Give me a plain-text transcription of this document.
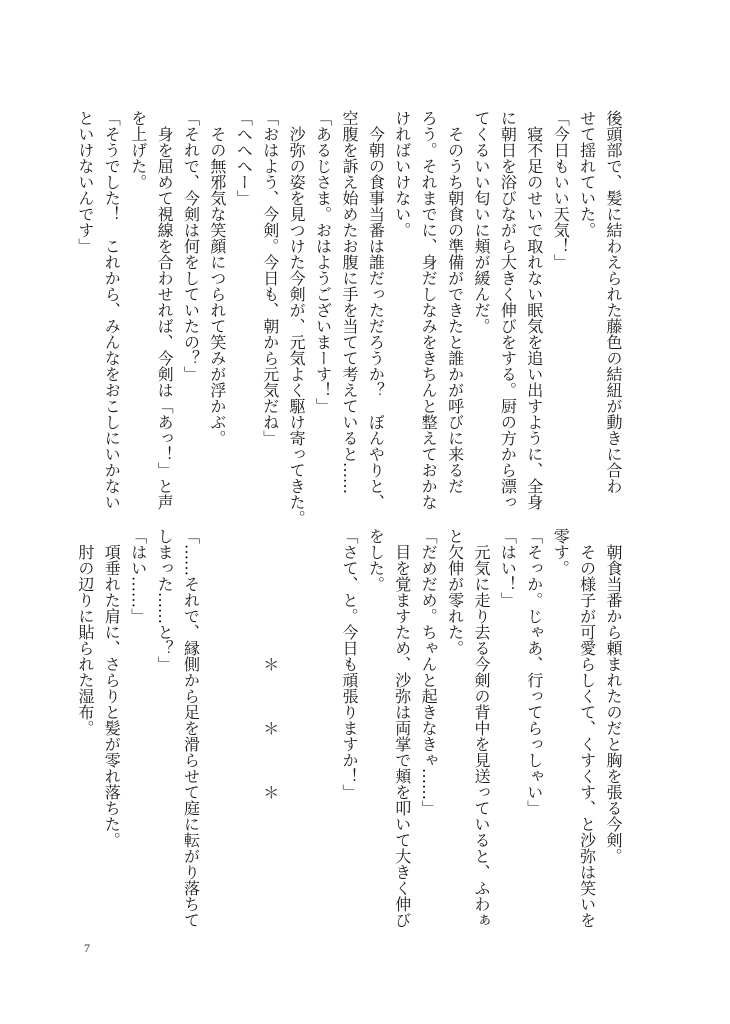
後頭部で、髪に結わえられた藤色の結紐が動きに合わ
せて揺れていた。
「今日もいい天気！」
　寝不足のせいで取れない眠気を追い出すように、全身
に朝日を浴びながら大きく伸びをする。厨の方から漂っ
てくるいい匂いに頬が緩んだ。
　そのうち朝食の準備ができたと誰かが呼びに来るだ
ろう。それまでに、身だしなみをきちんと整えておかな
ければいけない。
　今朝の食事当番は誰だっただろうか？　ぼんやりと、
空腹を訴え始めたお腹に手を当てて考えていると……
「あるじさま。おはようございまーす！」
　沙弥の姿を見つけた今剣が、元気よく駆け寄ってきた。
「おはよう、今剣。今日も、朝から元気だね」
「へへへー」
　その無邪気な笑顔につられて笑みが浮かぶ。
「それで、今剣は何をしていたの？」
　身を屈めて視線を合わせれば、今剣は「あっ！」と声
を上げた。
「そうでした！　これから、みんなをおこしにいかない
といけないんです」
　朝食当番から頼まれたのだと胸を張る今剣。
　その様子が可愛らしくて、くすくす、と沙弥は笑いを
零す。
「そっか。じゃあ、行ってらっしゃい」
「はい！」
　元気に走り去る今剣の背中を見送っていると、ふわぁ
と欠伸が零れた。
「だめだめ。ちゃんと起きなきゃ……」
　目を覚ますため、沙弥は両掌で頬を叩いて大きく伸び
をした。
「さて、と。今日も頑張りますか！」

　　　　　　　　＊　　　＊　　　＊

「……それで、縁側から足を滑らせて庭に転がり落ちて
しまった……と？」
「はい……」
　項垂れた肩に、さらりと髪が零れ落ちた。
　肘の辺りに貼られた湿布。
7
